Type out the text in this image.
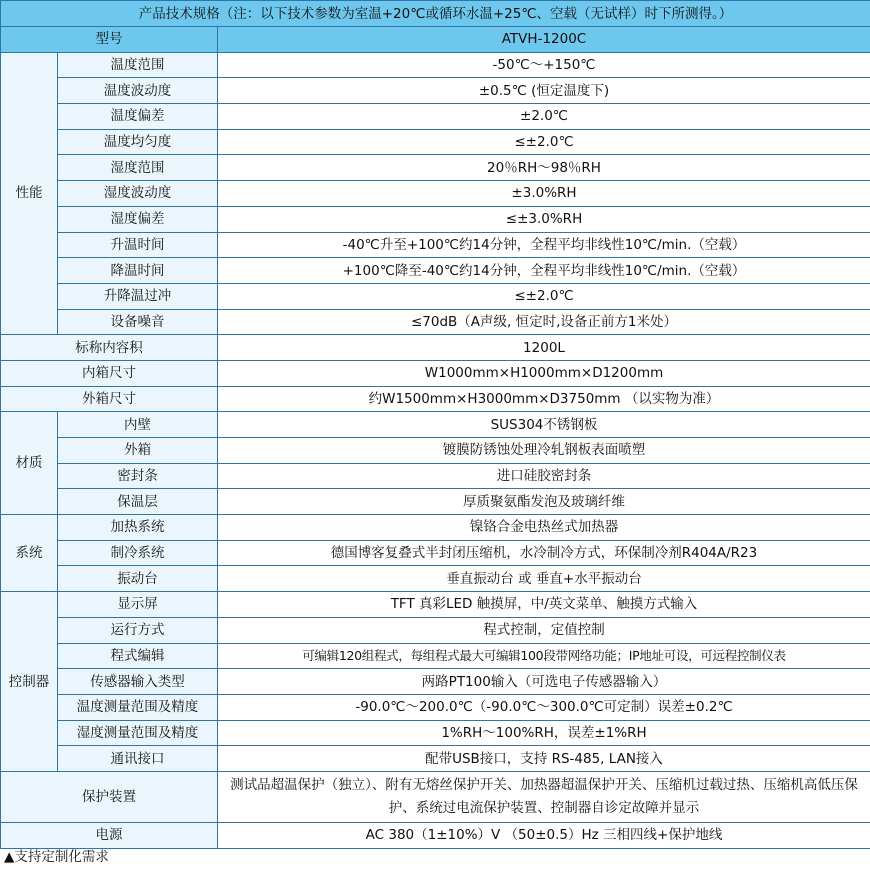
产品技术规格（注：以下技术参数为室温+20℃或循环水温+25℃、空载（无试样）时下所测得。）		
型号		ATVH-1200C
性能	温度范围	-50℃～+150℃
	温度波动度	±0.5℃ (恒定温度下)
	温度偏差	±2.0℃
	温度均匀度	≤±2.0℃
	湿度范围	20％RH～98％RH
	湿度波动度	±3.0%RH
	湿度偏差	≤±3.0%RH
	升温时间	-40℃升至+100℃约14分钟，全程平均非线性10℃/min.（空载）
	降温时间	+100℃降至-40℃约14分钟，全程平均非线性10℃/min.（空载）
	升降温过冲	≤±2.0℃
	设备噪音	≤70dB（A声级, 恒定时,设备正前方1米处）
标称内容积		1200L
内箱尺寸		W1000mm×H1000mm×D1200mm
外箱尺寸		约W1500mm×H3000mm×D3750mm （以实物为准）
材质	内壁	SUS304不锈钢板
	外箱	镀膜防锈蚀处理冷轧钢板表面喷塑
	密封条	进口硅胶密封条
	保温层	厚质聚氨酯发泡及玻璃纤维
系统	加热系统	镍铬合金电热丝式加热器
	制冷系统	德国博客复叠式半封闭压缩机，水冷制冷方式，环保制冷剂R404A/R23
	振动台	垂直振动台 或 垂直+水平振动台
控制器	显示屏	TFT 真彩LED 触摸屏，中/英文菜单、触摸方式输入
	运行方式	程式控制，定值控制
	程式编辑	可编辑120组程式，每组程式最大可编辑100段带网络功能；IP地址可设，可远程控制仪表
	传感器输入类型	两路PT100输入（可选电子传感器输入）
	温度测量范围及精度	-90.0℃～200.0℃（-90.0℃～300.0℃可定制）误差±0.2℃
	湿度测量范围及精度	1%RH～100%RH，误差±1%RH
	通讯接口	配带USB接口，支持 RS-485, LAN接入
保护装置		测试品超温保护（独立）、附有无熔丝保护开关、加热器超温保护开关、压缩机过载过热、压缩机高低压保护、系统过电流保护装置、控制器自诊定故障并显示
电源		AC 380（1±10%）V （50±0.5）Hz 三相四线+保护地线
▲支持定制化需求
